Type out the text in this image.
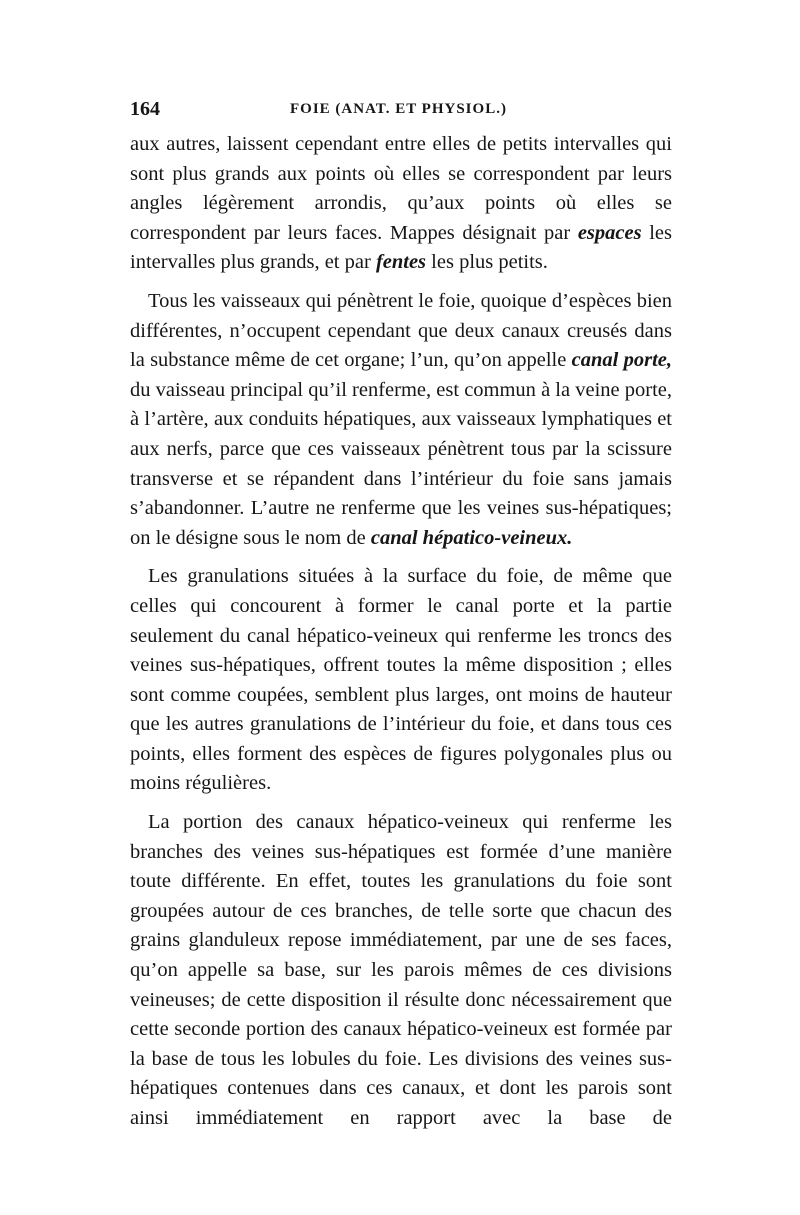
164	FOIE (ANAT. ET PHYSIOL.)

aux autres, laissent cependant entre elles de petits intervalles qui sont plus grands aux points où elles se correspondent par leurs angles légèrement arrondis, qu’aux points où elles se correspondent par leurs faces. Mappes désignait par espaces les intervalles plus grands, et par fentes les plus petits.

Tous les vaisseaux qui pénètrent le foie, quoique d’espèces bien différentes, n’occupent cependant que deux canaux creusés dans la substance même de cet organe; l’un, qu’on appelle canal porte, du vaisseau principal qu’il renferme, est commun à la veine porte, à l’artère, aux conduits hépatiques, aux vaisseaux lymphatiques et aux nerfs, parce que ces vaisseaux pénètrent tous par la scissure transverse et se répandent dans l’intérieur du foie sans jamais s’abandonner. L’autre ne renferme que les veines sus-hépatiques; on le désigne sous le nom de canal hépatico-veineux.

Les granulations situées à la surface du foie, de même que celles qui concourent à former le canal porte et la partie seulement du canal hépatico-veineux qui renferme les troncs des veines sus-hépatiques, offrent toutes la même disposition ; elles sont comme coupées, semblent plus larges, ont moins de hauteur que les autres granulations de l’intérieur du foie, et dans tous ces points, elles forment des espèces de figures polygonales plus ou moins régulières.

La portion des canaux hépatico-veineux qui renferme les branches des veines sus-hépatiques est formée d’une manière toute différente. En effet, toutes les granulations du foie sont groupées autour de ces branches, de telle sorte que chacun des grains glanduleux repose immédiatement, par une de ses faces, qu’on appelle sa base, sur les parois mêmes de ces divisions veineuses; de cette disposition il résulte donc nécessairement que cette seconde portion des canaux hépatico-veineux est formée par la base de tous les lobules du foie. Les divisions des veines sus-hépatiques contenues dans ces canaux, et dont les parois sont ainsi immédiatement en rapport avec la base de
